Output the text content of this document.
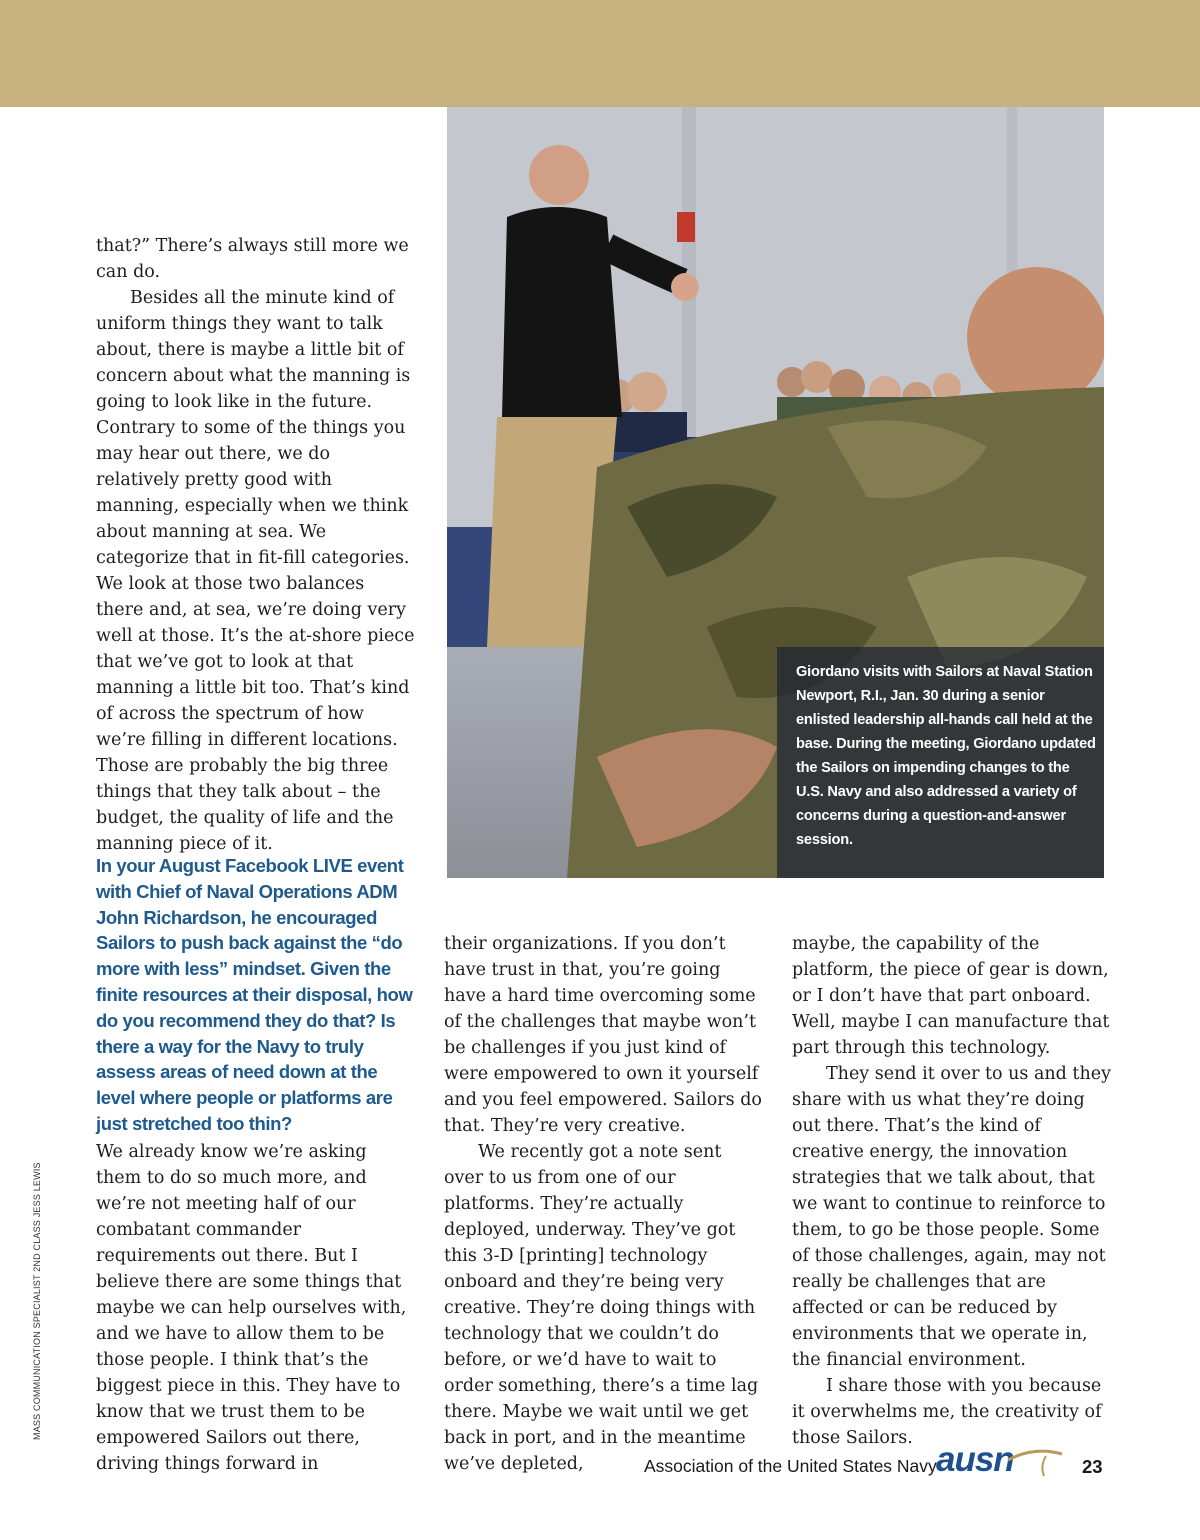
Giordano visits with Sailors at Naval Station Newport, R.I., Jan. 30 during a senior enlisted leadership all-hands call held at the base. During the meeting, Giordano updated the Sailors on impending changes to the U.S. Navy and also addressed a variety of concerns during a question-and-answer session.
MASS COMMUNICATION SPECIALIST 2ND CLASS JESS LEWIS

that?” There’s always still more we can do.

Besides all the minute kind of uniform things they want to talk about, there is maybe a little bit of concern about what the manning is going to look like in the future. Contrary to some of the things you may hear out there, we do relatively pretty good with manning, especially when we think about manning at sea. We categorize that in fit-fill categories. We look at those two balances there and, at sea, we’re doing very well at those. It’s the at-shore piece that we’ve got to look at that manning a little bit too. That’s kind of across the spectrum of how we’re filling in different locations. Those are probably the big three things that they talk about – the budget, the quality of life and the manning piece of it.

In your August Facebook LIVE event with Chief of Naval Operations ADM John Richardson, he encouraged Sailors to push back against the “do more with less” mindset. Given the finite resources at their disposal, how do you recommend they do that? Is there a way for the Navy to truly assess areas of need down at the level where people or platforms are just stretched too thin?

We already know we’re asking them to do so much more, and we’re not meeting half of our combatant commander requirements out there. But I believe there are some things that maybe we can help ourselves with, and we have to allow them to be those people. I think that’s the biggest piece in this. They have to know that we trust them to be empowered Sailors out there, driving things forward in

their organizations. If you don’t have trust in that, you’re going have a hard time overcoming some of the challenges that maybe won’t be challenges if you just kind of were empowered to own it yourself and you feel empowered. Sailors do that. They’re very creative.

We recently got a note sent over to us from one of our platforms. They’re actually deployed, underway. They’ve got this 3-D [printing] technology onboard and they’re being very creative. They’re doing things with technology that we couldn’t do before, or we’d have to wait to order something, there’s a time lag there. Maybe we wait until we get back in port, and in the meantime we’ve depleted,

maybe, the capability of the platform, the piece of gear is down, or I don’t have that part onboard. Well, maybe I can manufacture that part through this technology.

They send it over to us and they share with us what they’re doing out there. That’s the kind of creative energy, the innovation strategies that we talk about, that we want to continue to reinforce to them, to go be those people. Some of those challenges, again, may not really be challenges that are affected or can be reduced by environments that we operate in, the financial environment.

I share those with you because it overwhelms me, the creativity of those Sailors.

Association of the United States Navy ausn	23
